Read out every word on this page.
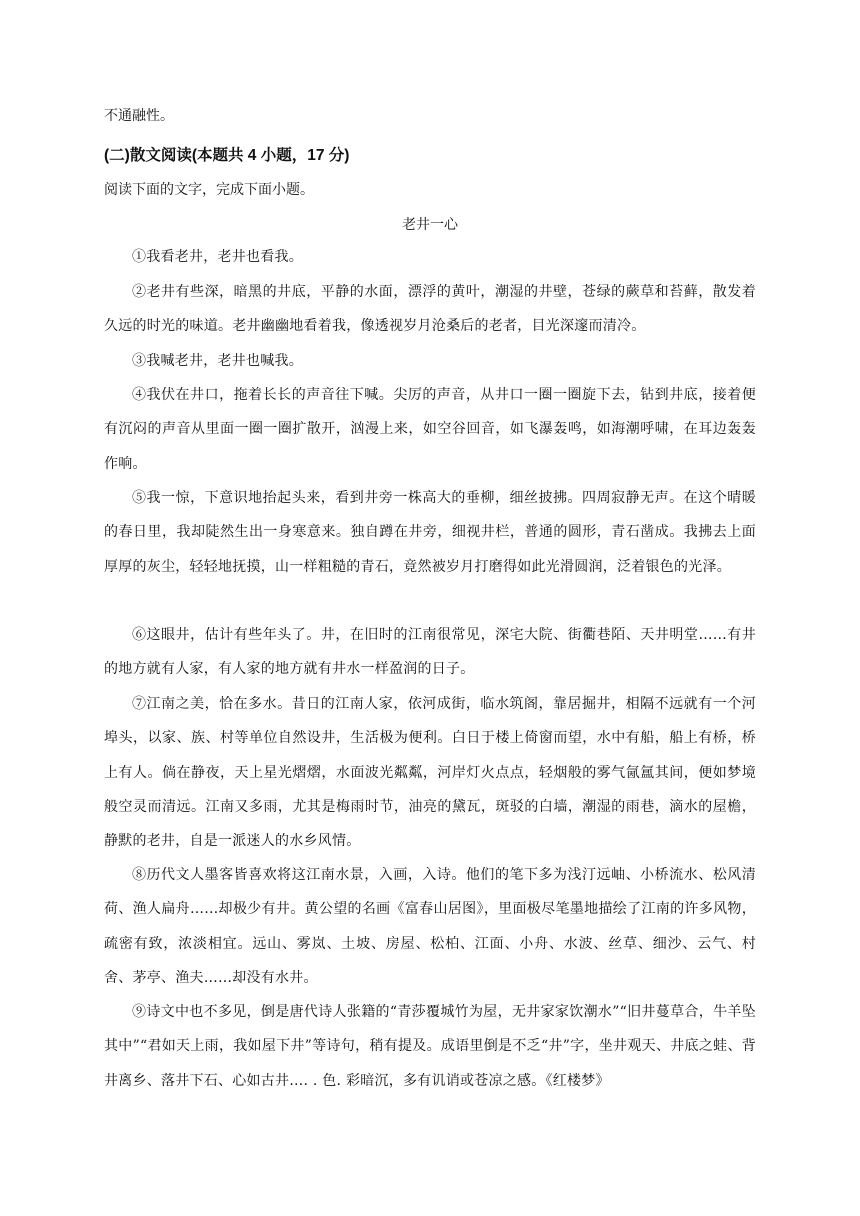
不通融性。
(二)散文阅读(本题共 4 小题，17 分)
阅读下面的文字，完成下面小题。
老井一心
①我看老井，老井也看我。
②老井有些深，暗黑的井底，平静的水面，漂浮的黄叶，潮湿的井壁，苍绿的蕨草和苔藓，散发着久远的时光的味道。老井幽幽地看着我，像透视岁月沧桑后的老者，目光深邃而清冷。
③我喊老井，老井也喊我。
④我伏在井口，拖着长长的声音往下喊。尖厉的声音，从井口一圈一圈旋下去，钻到井底，接着便有沉闷的声音从里面一圈一圈扩散开，汹漫上来，如空谷回音，如飞瀑轰鸣，如海潮呼啸，在耳边轰轰作响。
⑤我一惊，下意识地抬起头来，看到井旁一株高大的垂柳，细丝披拂。四周寂静无声。在这个晴暖的春日里，我却陡然生出一身寒意来。独自蹲在井旁，细视井栏，普通的圆形，青石凿成。我拂去上面厚厚的灰尘，轻轻地抚摸，山一样粗糙的青石，竟然被岁月打磨得如此光滑圆润，泛着银色的光泽。
⑥这眼井，估计有些年头了。井，在旧时的江南很常见，深宅大院、街衢巷陌、天井明堂……有井的地方就有人家，有人家的地方就有井水一样盈润的日子。
⑦江南之美，恰在多水。昔日的江南人家，依河成街，临水筑阁，靠居掘井，相隔不远就有一个河埠头，以家、族、村等单位自然设井，生活极为便利。白日于楼上倚窗而望，水中有船，船上有桥，桥上有人。倘在静夜，天上星光熠熠，水面波光粼粼，河岸灯火点点，轻烟般的雾气氤氲其间，便如梦境般空灵而清远。江南又多雨，尤其是梅雨时节，油亮的黛瓦，斑驳的白墙，潮湿的雨巷，滴水的屋檐，静默的老井，自是一派迷人的水乡风情。
⑧历代文人墨客皆喜欢将这江南水景，入画，入诗。他们的笔下多为浅汀远岫、小桥流水、松风清荷、渔人扁舟……却极少有井。黄公望的名画《富春山居图》，里面极尽笔墨地描绘了江南的许多风物，疏密有致，浓淡相宜。远山、雾岚、土坡、房屋、松柏、江面、小舟、水波、丝草、细沙、云气、村舍、茅亭、渔夫……却没有水井。
⑨诗文中也不多见，倒是唐代诗人张籍的“青莎覆城竹为屋，无井家家饮潮水”“旧井蔓草合，牛羊坠其中”“君如天上雨，我如屋下井”等诗句，稍有提及。成语里倒是不乏“井”字，坐井观天、井底之蛙、背井离乡、落井下石、心如古井…. . 色. 彩暗沉，多有讥诮或苍凉之感。《红楼梦》
